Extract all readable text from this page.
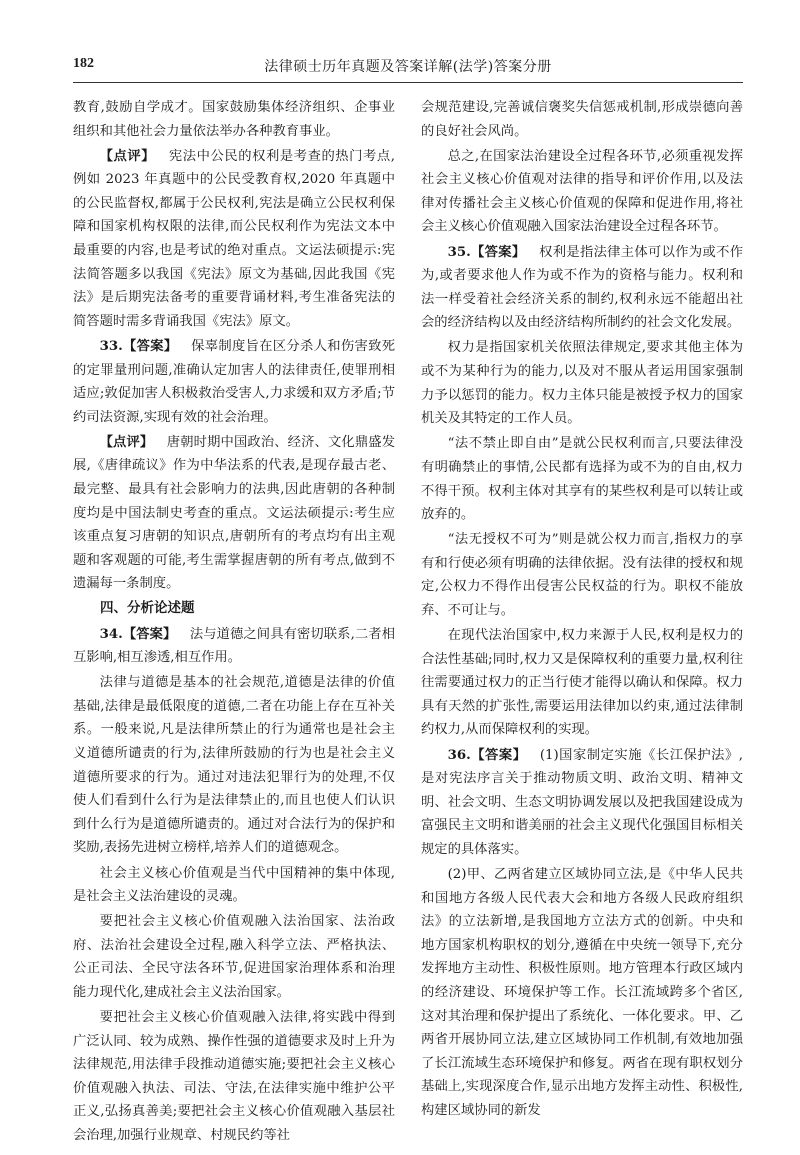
182	法律硕士历年真题及答案详解(法学)答案分册

教育,鼓励自学成才。国家鼓励集体经济组织、企事业组织和其他社会力量依法举办各种教育事业。

【点评】  宪法中公民的权利是考查的热门考点,例如 2023 年真题中的公民受教育权,2020 年真题中的公民监督权,都属于公民权利,宪法是确立公民权利保障和国家机构权限的法律,而公民权利作为宪法文本中最重要的内容,也是考试的绝对重点。文运法硕提示:宪法简答题多以我国《宪法》原文为基础,因此我国《宪法》是后期宪法备考的重要背诵材料,考生准备宪法的简答题时需多背诵我国《宪法》原文。

33.【答案】  保辜制度旨在区分杀人和伤害致死的定罪量刑问题,准确认定加害人的法律责任,使罪刑相适应;敦促加害人积极救治受害人,力求缓和双方矛盾;节约司法资源,实现有效的社会治理。

【点评】  唐朝时期中国政治、经济、文化鼎盛发展,《唐律疏议》作为中华法系的代表,是现存最古老、最完整、最具有社会影响力的法典,因此唐朝的各种制度均是中国法制史考查的重点。文运法硕提示:考生应该重点复习唐朝的知识点,唐朝所有的考点均有出主观题和客观题的可能,考生需掌握唐朝的所有考点,做到不遗漏每一条制度。

四、分析论述题

34.【答案】  法与道德之间具有密切联系,二者相互影响,相互渗透,相互作用。

法律与道德是基本的社会规范,道德是法律的价值基础,法律是最低限度的道德,二者在功能上存在互补关系。一般来说,凡是法律所禁止的行为通常也是社会主义道德所谴责的行为,法律所鼓励的行为也是社会主义道德所要求的行为。通过对违法犯罪行为的处理,不仅使人们看到什么行为是法律禁止的,而且也使人们认识到什么行为是道德所谴责的。通过对合法行为的保护和奖励,表扬先进树立榜样,培养人们的道德观念。

社会主义核心价值观是当代中国精神的集中体现,是社会主义法治建设的灵魂。

要把社会主义核心价值观融入法治国家、法治政府、法治社会建设全过程,融入科学立法、严格执法、公正司法、全民守法各环节,促进国家治理体系和治理能力现代化,建成社会主义法治国家。

要把社会主义核心价值观融入法律,将实践中得到广泛认同、较为成熟、操作性强的道德要求及时上升为法律规范,用法律手段推动道德实施;要把社会主义核心价值观融入执法、司法、守法,在法律实施中维护公平正义,弘扬真善美;要把社会主义核心价值观融入基层社会治理,加强行业规章、村规民约等社

会规范建设,完善诚信褒奖失信惩戒机制,形成崇德向善的良好社会风尚。

总之,在国家法治建设全过程各环节,必须重视发挥社会主义核心价值观对法律的指导和评价作用,以及法律对传播社会主义核心价值观的保障和促进作用,将社会主义核心价值观融入国家法治建设全过程各环节。

35.【答案】  权利是指法律主体可以作为或不作为,或者要求他人作为或不作为的资格与能力。权利和法一样受着社会经济关系的制约,权利永远不能超出社会的经济结构以及由经济结构所制约的社会文化发展。

权力是指国家机关依照法律规定,要求其他主体为或不为某种行为的能力,以及对不服从者运用国家强制力予以惩罚的能力。权力主体只能是被授予权力的国家机关及其特定的工作人员。

“法不禁止即自由”是就公民权利而言,只要法律没有明确禁止的事情,公民都有选择为或不为的自由,权力不得干预。权利主体对其享有的某些权利是可以转让或放弃的。

“法无授权不可为”则是就公权力而言,指权力的享有和行使必须有明确的法律依据。没有法律的授权和规定,公权力不得作出侵害公民权益的行为。职权不能放弃、不可让与。

在现代法治国家中,权力来源于人民,权利是权力的合法性基础;同时,权力又是保障权利的重要力量,权利往往需要通过权力的正当行使才能得以确认和保障。权力具有天然的扩张性,需要运用法律加以约束,通过法律制约权力,从而保障权利的实现。

36.【答案】  (1)国家制定实施《长江保护法》,是对宪法序言关于推动物质文明、政治文明、精神文明、社会文明、生态文明协调发展以及把我国建设成为富强民主文明和谐美丽的社会主义现代化强国目标相关规定的具体落实。

(2)甲、乙两省建立区域协同立法,是《中华人民共和国地方各级人民代表大会和地方各级人民政府组织法》的立法新增,是我国地方立法方式的创新。中央和地方国家机构职权的划分,遵循在中央统一领导下,充分发挥地方主动性、积极性原则。地方管理本行政区域内的经济建设、环境保护等工作。长江流域跨多个省区,这对其治理和保护提出了系统化、一体化要求。甲、乙两省开展协同立法,建立区域协同工作机制,有效地加强了长江流域生态环境保护和修复。两省在现有职权划分基础上,实现深度合作,显示出地方发挥主动性、积极性,构建区域协同的新发
